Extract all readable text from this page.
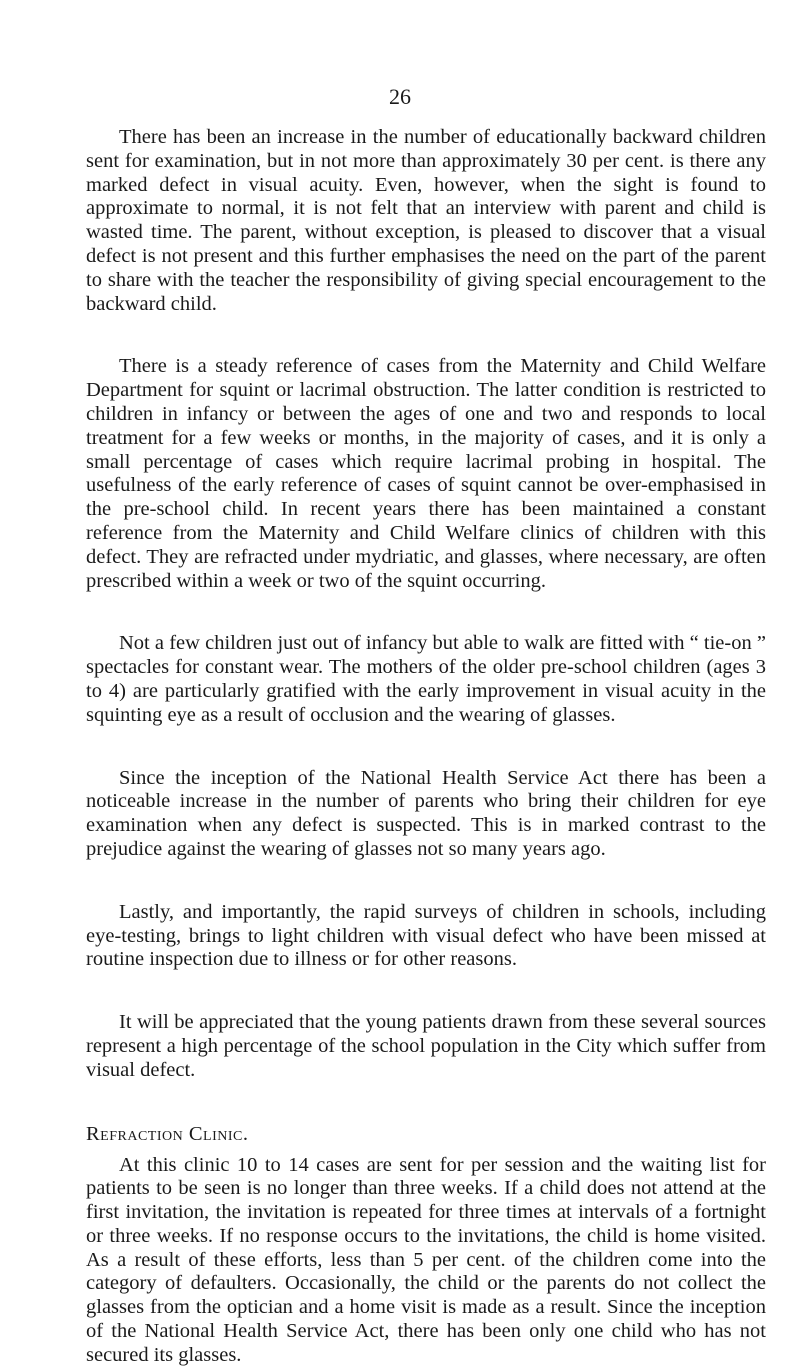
26

There has been an increase in the number of educationally backward children sent for examination, but in not more than approximately 30 per cent. is there any marked defect in visual acuity. Even, however, when the sight is found to approximate to normal, it is not felt that an interview with parent and child is wasted time. The parent, without exception, is pleased to discover that a visual defect is not present and this further emphasises the need on the part of the parent to share with the teacher the responsibility of giving special encouragement to the backward child.

There is a steady reference of cases from the Maternity and Child Welfare Department for squint or lacrimal obstruction. The latter condition is restricted to children in infancy or between the ages of one and two and responds to local treatment for a few weeks or months, in the majority of cases, and it is only a small percentage of cases which require lacrimal probing in hospital. The usefulness of the early reference of cases of squint cannot be over-emphasised in the pre-school child. In recent years there has been maintained a constant reference from the Maternity and Child Welfare clinics of children with this defect. They are refracted under mydriatic, and glasses, where necessary, are often prescribed within a week or two of the squint occurring.

Not a few children just out of infancy but able to walk are fitted with “ tie-on ” spectacles for constant wear. The mothers of the older pre-school children (ages 3 to 4) are particularly gratified with the early improvement in visual acuity in the squinting eye as a result of occlusion and the wearing of glasses.

Since the inception of the National Health Service Act there has been a noticeable increase in the number of parents who bring their children for eye examination when any defect is suspected. This is in marked contrast to the prejudice against the wearing of glasses not so many years ago.

Lastly, and importantly, the rapid surveys of children in schools, including eye-testing, brings to light children with visual defect who have been missed at routine inspection due to illness or for other reasons.

It will be appreciated that the young patients drawn from these several sources represent a high percentage of the school population in the City which suffer from visual defect.

Refraction Clinic.

At this clinic 10 to 14 cases are sent for per session and the waiting list for patients to be seen is no longer than three weeks. If a child does not attend at the first invitation, the invitation is repeated for three times at intervals of a fortnight or three weeks. If no response occurs to the invitations, the child is home visited. As a result of these efforts, less than 5 per cent. of the children come into the category of defaulters. Occasionally, the child or the parents do not collect the glasses from the optician and a home visit is made as a result. Since the inception of the National Health Service Act, there has been only one child who has not secured its glasses.
